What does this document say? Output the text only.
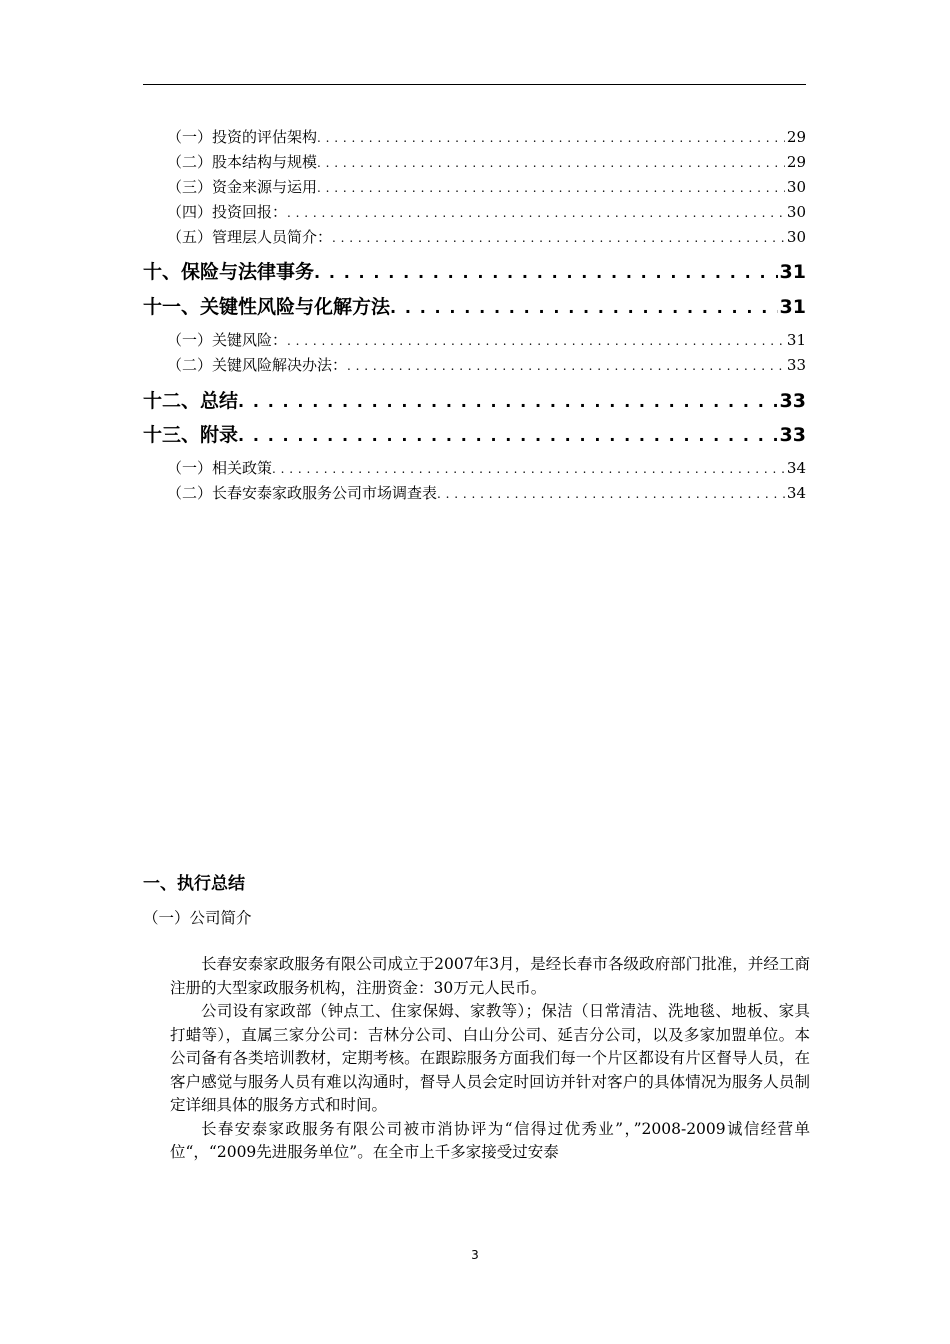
（一）投资的评估架构 . . .	29
（二）股本结构与规模 . . .	29
（三）资金来源与运用 . . .	30
（四）投资回报： . . .	30
（五）管理层人员简介： . . .	30
十、保险与法律事务 . . .	31
十一、关键性风险与化解方法 . . .	31
（一）关键风险： . . .	31
（二）关键风险解决办法： . . .	33
十二、总结 . . .	33
十三、附录 . . .	33
（一）相关政策 . . .	34
（二）长春安泰家政服务公司市场调查表 . . .	34
一、执行总结
（一）公司简介

长春安泰家政服务有限公司成立于2007年3月，是经长春市各级政府部门批准，并经工商注册的大型家政服务机构，注册资金：30万元人民币。

公司设有家政部（钟点工、住家保姆、家教等）；保洁（日常清洁、洗地毯、地板、家具打蜡等），直属三家分公司：吉林分公司、白山分公司、延吉分公司，以及多家加盟单位。本公司备有各类培训教材，定期考核。在跟踪服务方面我们每一个片区都设有片区督导人员，在客户感觉与服务人员有难以沟通时，督导人员会定时回访并针对客户的具体情况为服务人员制定详细具体的服务方式和时间。

长春安泰家政服务有限公司被市消协评为“信得过优秀业”，”2008-2009诚信经营单位“，“2009先进服务单位”。在全市上千多家接受过安泰

3
